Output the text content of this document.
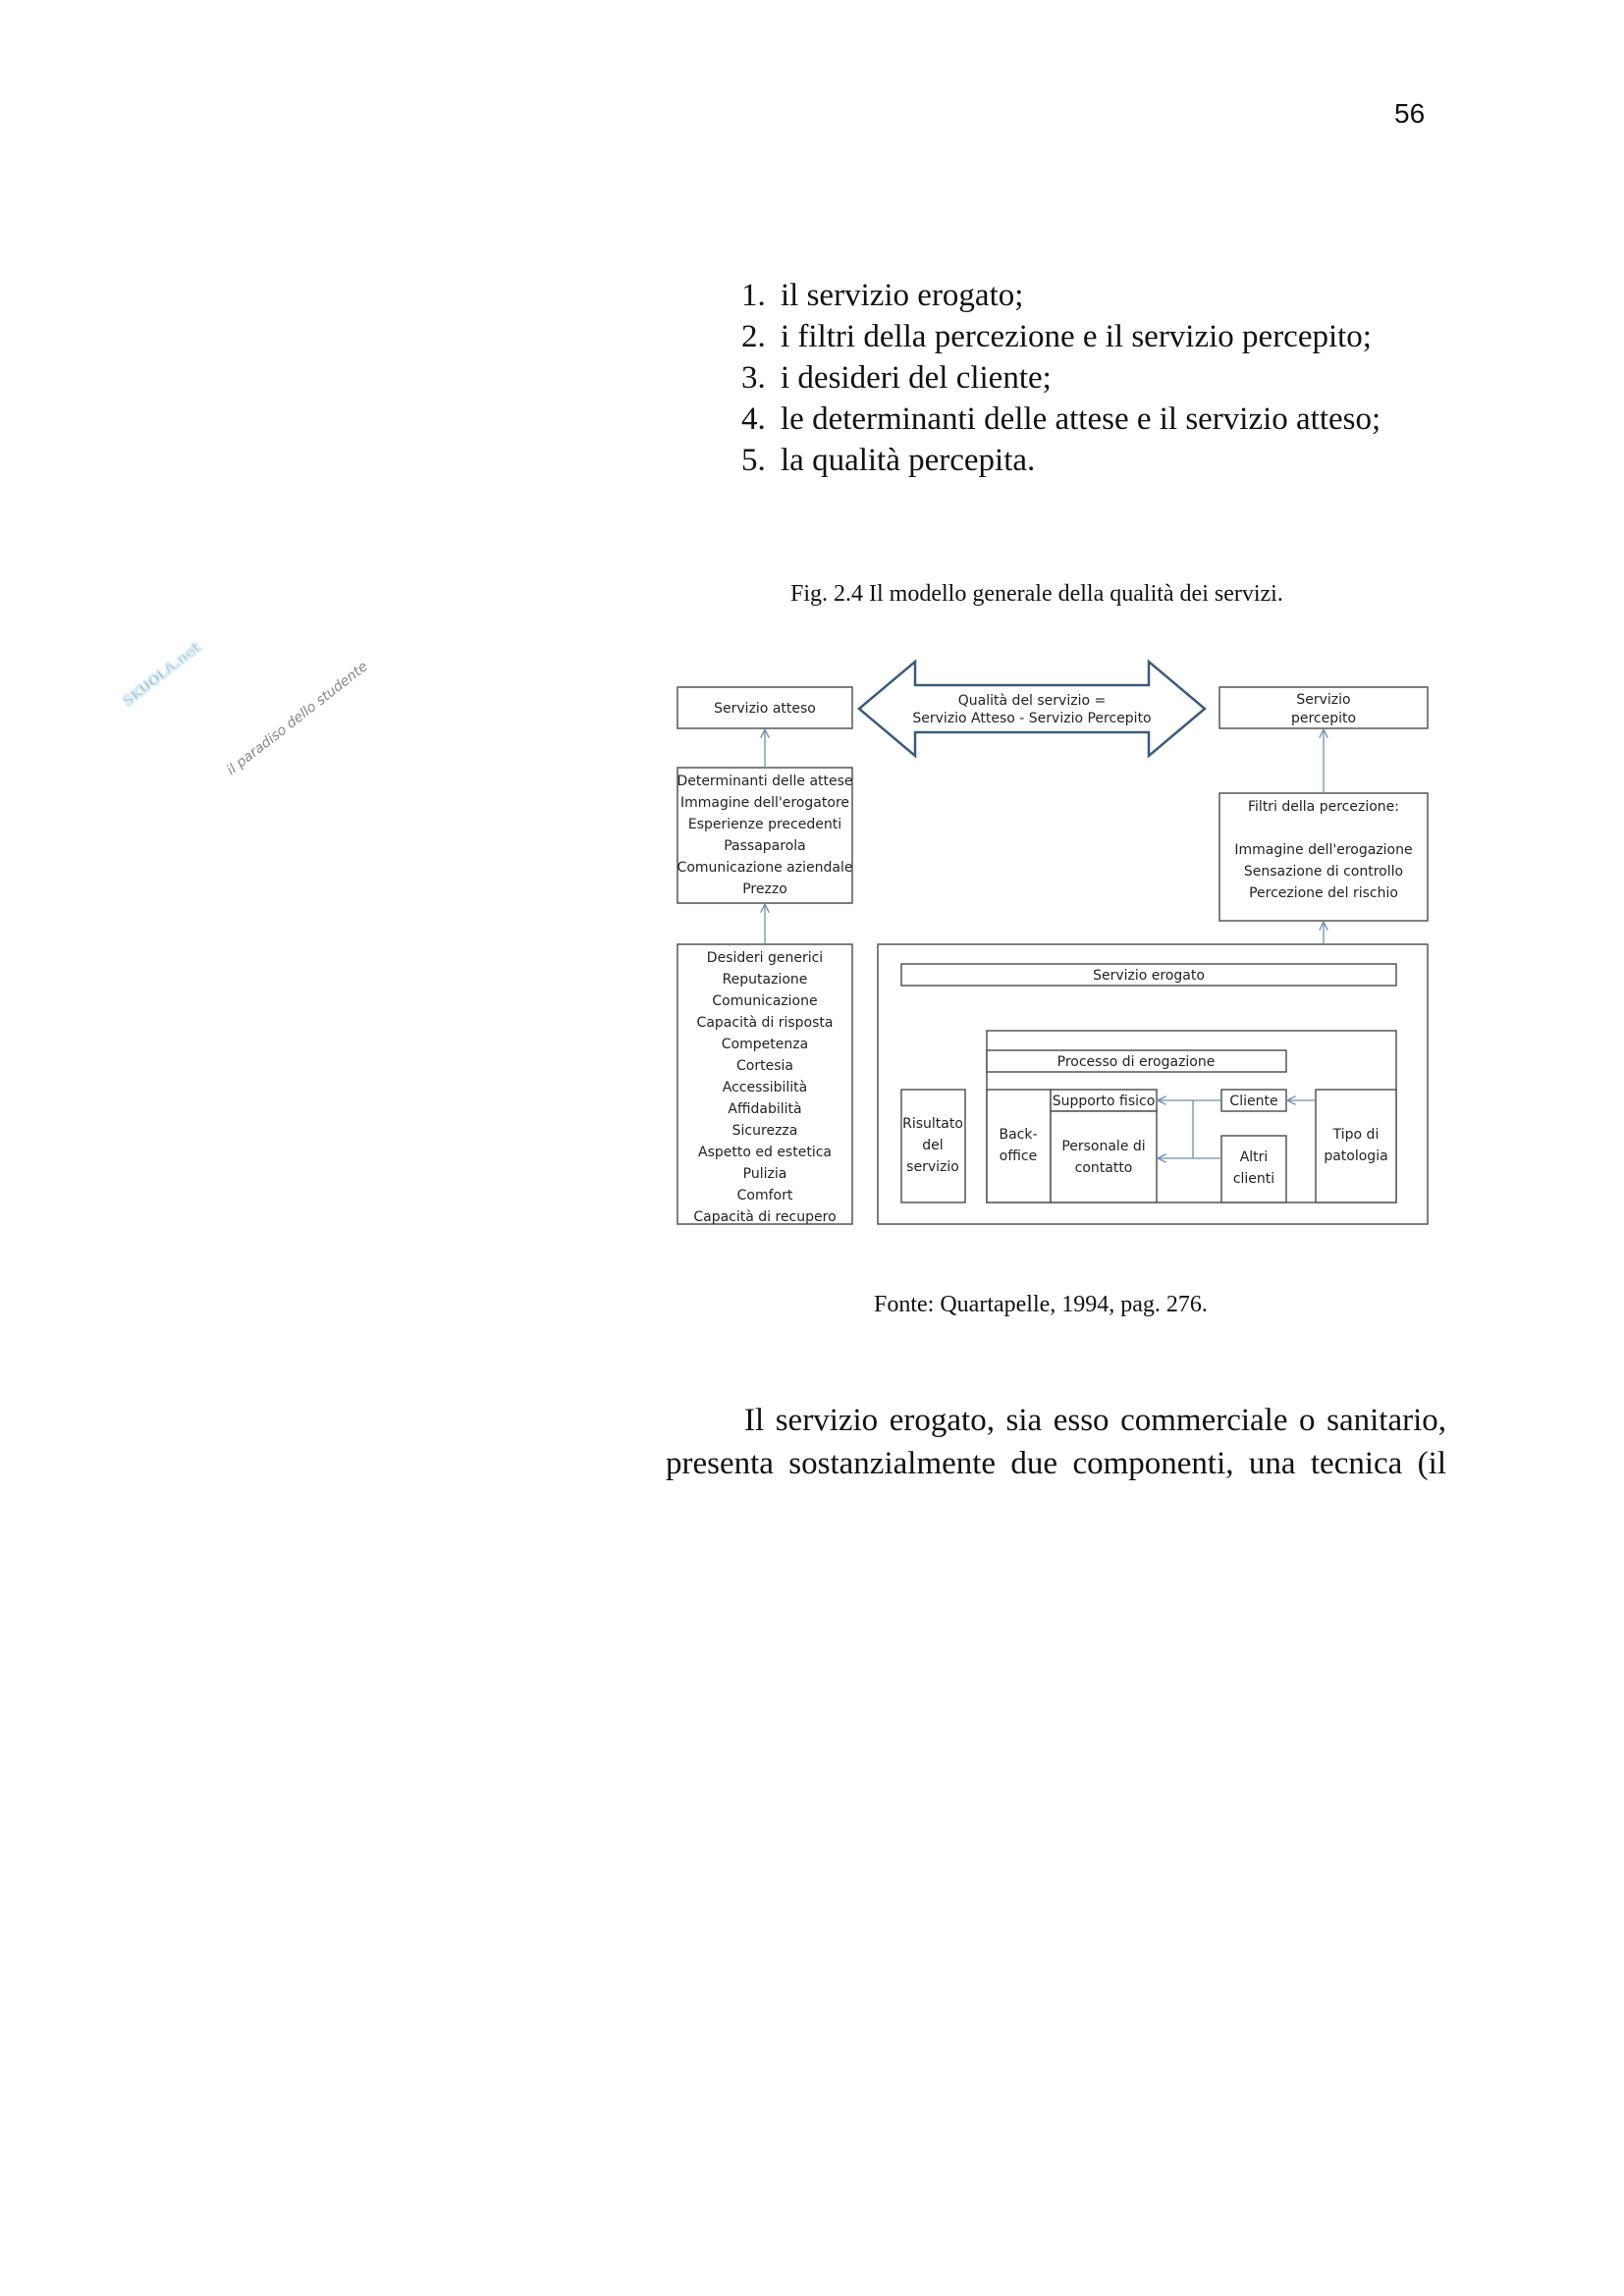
SKUOLA.net il paradiso dello studente
56
1. il servizio erogato;
2. i filtri della percezione e il servizio percepito;
3. i desideri del cliente;
4. le determinanti delle attese e il servizio atteso;
5. la qualità percepita.
Fig. 2.4 Il modello generale della qualità dei servizi.
Servizio atteso	Qualità del servizio =
Servizio Atteso - Servizio Percepito
Servizio
percepito
Determinanti delle attese
Immagine dell'erogatore
Esperienze precedenti
Passaparola
Comunicazione aziendale
Prezzo
Filtri della percezione:
Immagine dell'erogazione
Sensazione di controllo
Percezione del rischio
Desideri generici
Reputazione
Comunicazione
Capacità di risposta
Competenza
Cortesia
Accessibilità
Affidabilità
Sicurezza
Aspetto ed estetica
Pulizia
Comfort
Capacità di recupero
Servizio erogato
Processo di erogazione
Risultato
del
servizio
Back-
office
Supporto fisico
Personale di
contatto
Cliente
Altri
clienti
Tipo di
patologia
Fonte: Quartapelle, 1994, pag. 276.
Il servizio erogato, sia esso commerciale o sanitario,
presenta sostanzialmente due componenti, una tecnica (il
